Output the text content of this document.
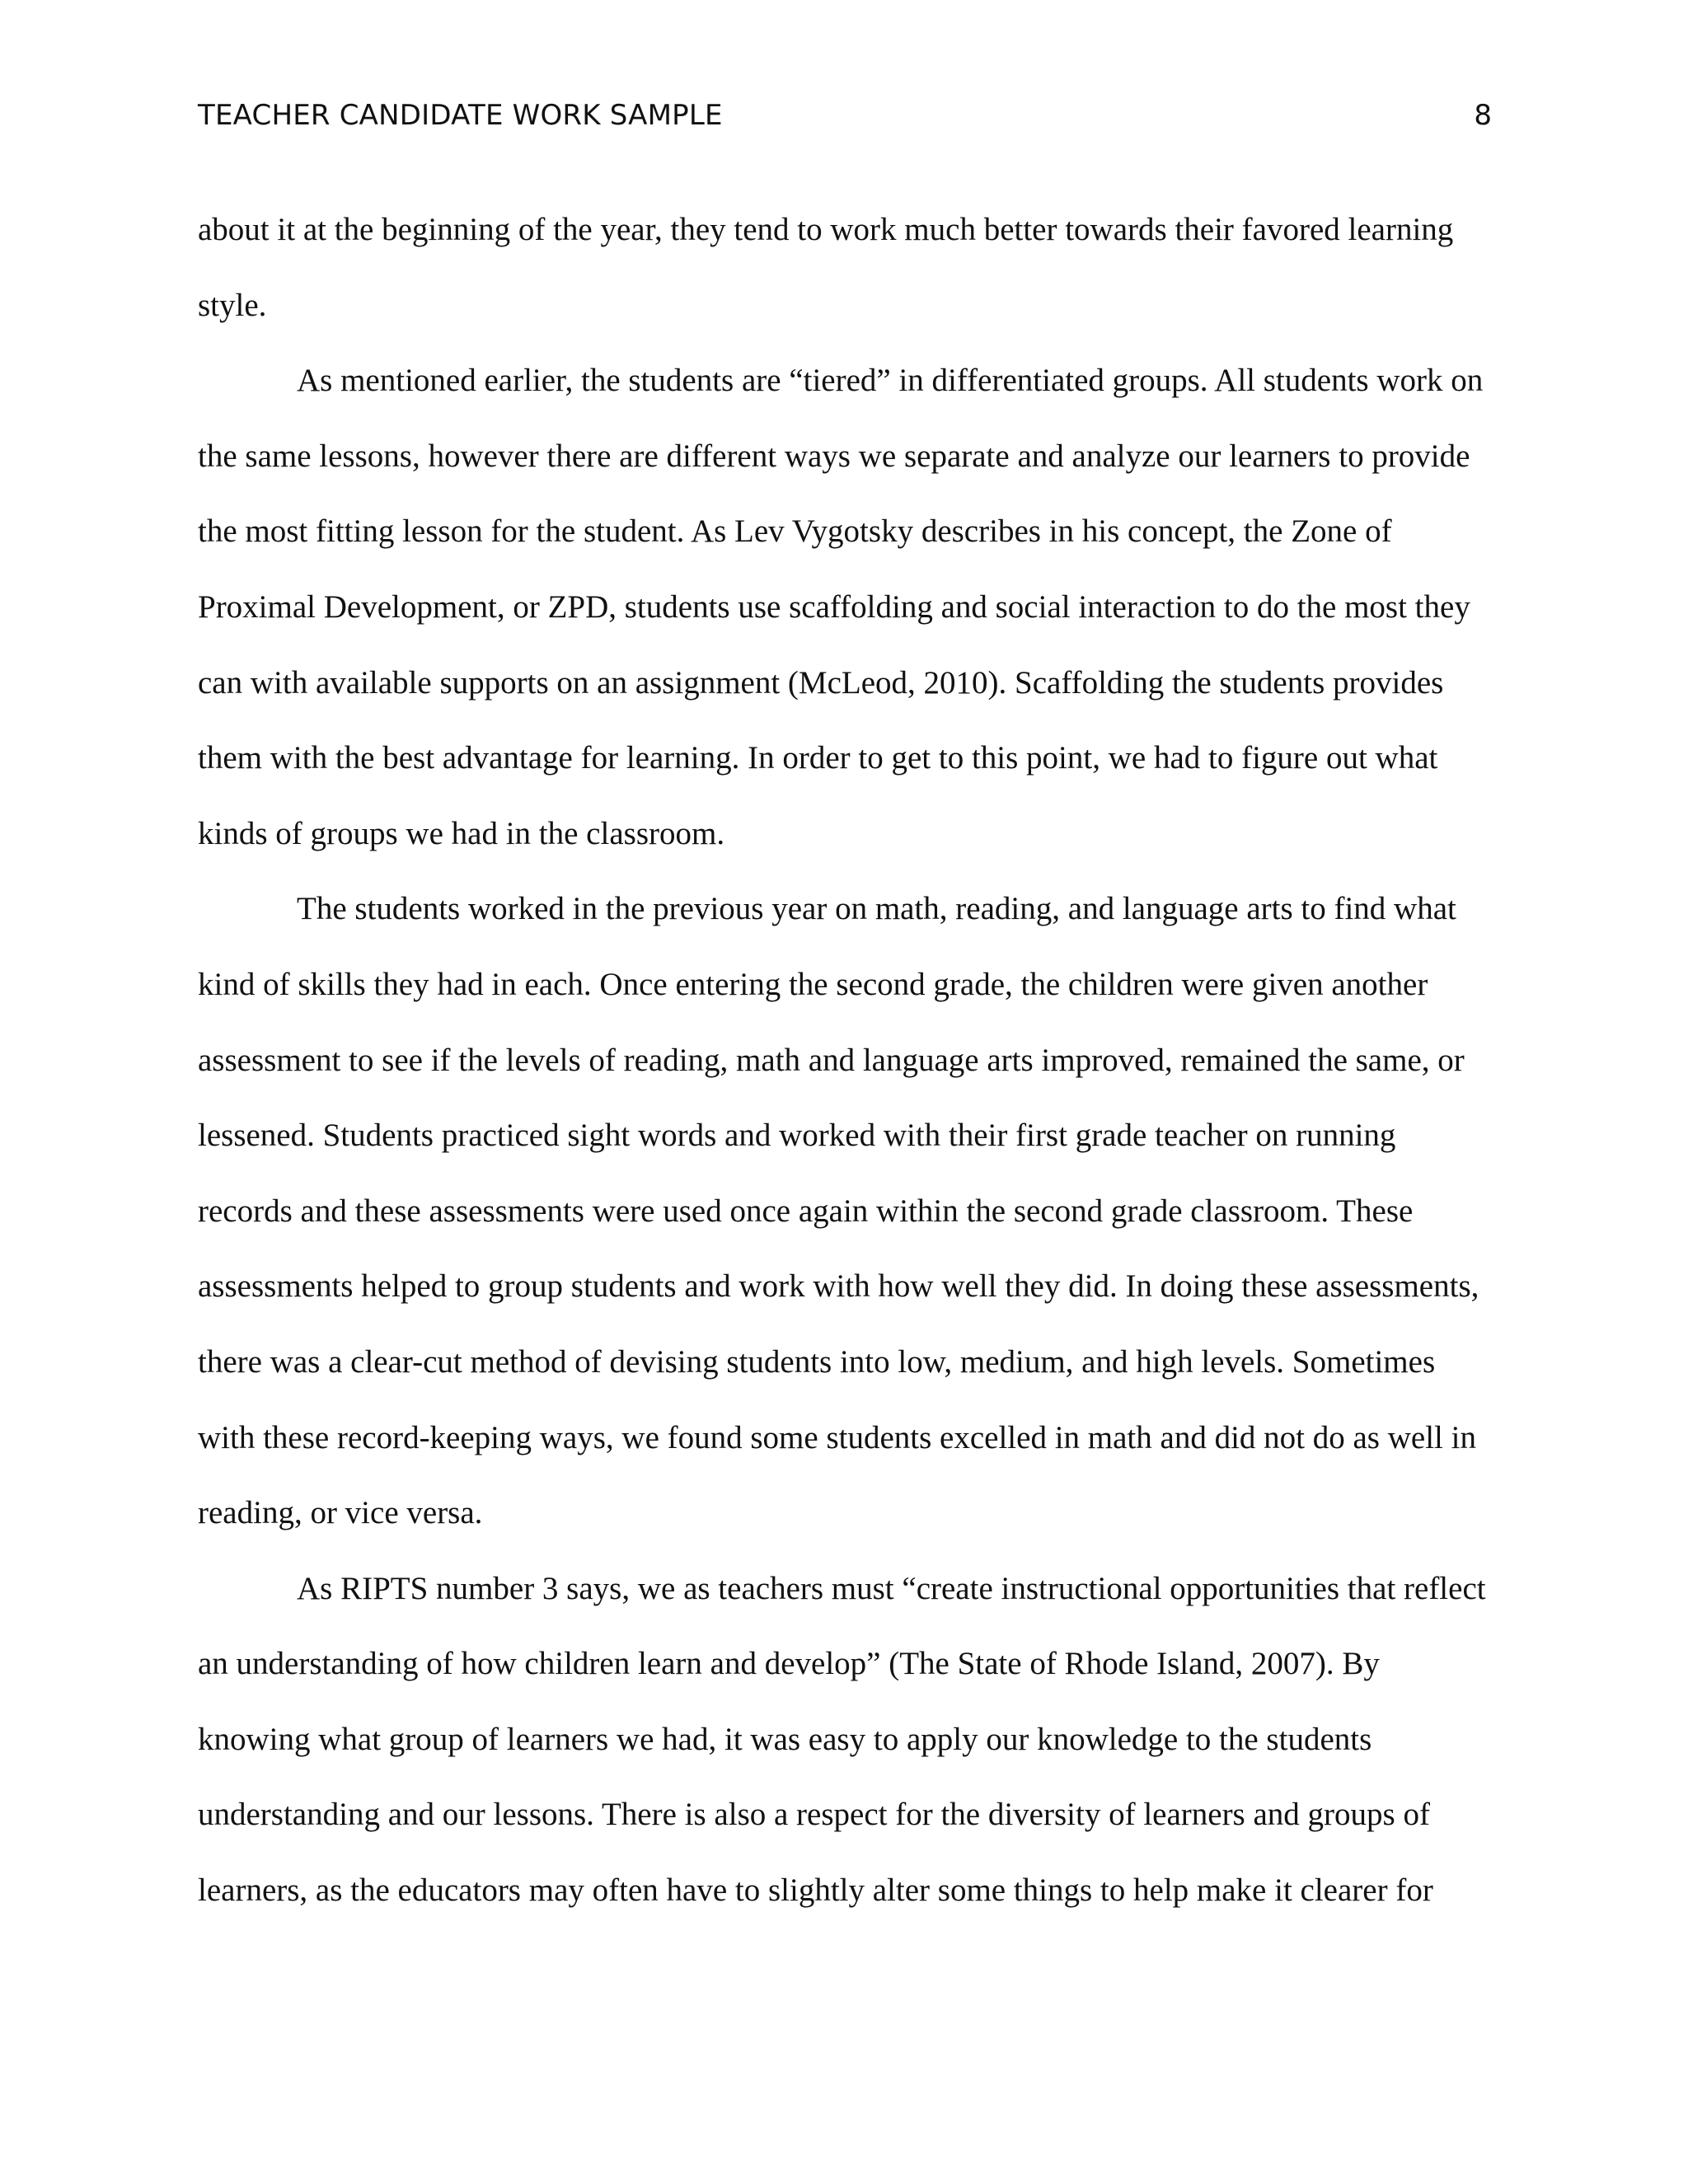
TEACHER CANDIDATE WORK SAMPLE	8

about it at the beginning of the year, they tend to work much better towards their favored learning style.

As mentioned earlier, the students are “tiered” in differentiated groups. All students work on the same lessons, however there are different ways we separate and analyze our learners to provide the most fitting lesson for the student. As Lev Vygotsky describes in his concept, the Zone of Proximal Development, or ZPD, students use scaffolding and social interaction to do the most they can with available supports on an assignment (McLeod, 2010). Scaffolding the students provides them with the best advantage for learning. In order to get to this point, we had to figure out what kinds of groups we had in the classroom.

The students worked in the previous year on math, reading, and language arts to find what kind of skills they had in each. Once entering the second grade, the children were given another assessment to see if the levels of reading, math and language arts improved, remained the same, or lessened. Students practiced sight words and worked with their first grade teacher on running records and these assessments were used once again within the second grade classroom. These assessments helped to group students and work with how well they did. In doing these assessments, there was a clear-cut method of devising students into low, medium, and high levels. Sometimes with these record-keeping ways, we found some students excelled in math and did not do as well in reading, or vice versa.

As RIPTS number 3 says, we as teachers must “create instructional opportunities that reflect an understanding of how children learn and develop” (The State of Rhode Island, 2007). By knowing what group of learners we had, it was easy to apply our knowledge to the students understanding and our lessons. There is also a respect for the diversity of learners and groups of learners, as the educators may often have to slightly alter some things to help make it clearer for
